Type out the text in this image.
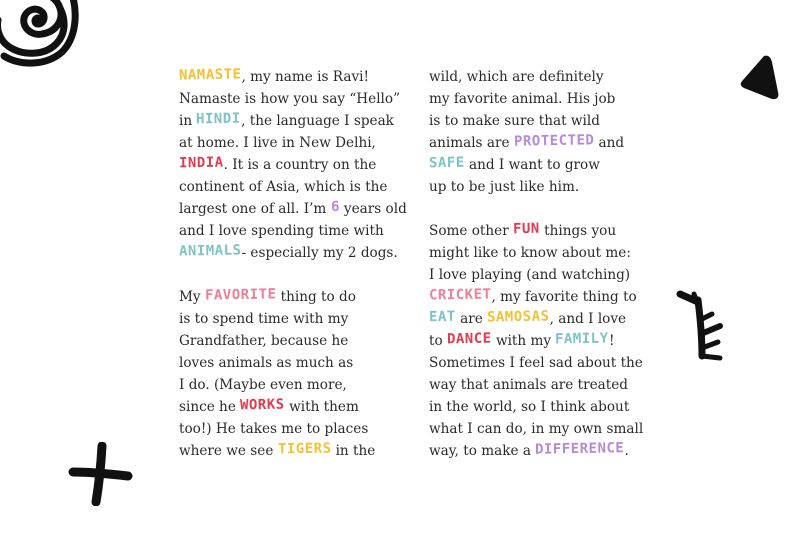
NAMASTE, my name is Ravi!
Namaste is how you say “Hello”
in HINDI, the language I speak
at home. I live in New Delhi,
INDIA. It is a country on the
continent of Asia, which is the
largest one of all. I’m 6 years old
and I love spending time with
ANIMALS- especially my 2 dogs.
My FAVORITE thing to do
is to spend time with my
Grandfather, because he
loves animals as much as
I do. (Maybe even more,
since he WORKS with them
too!) He takes me to places
where we see TIGERS in the
wild, which are definitely
my favorite animal. His job
is to make sure that wild
animals are PROTECTED and
SAFE and I want to grow
up to be just like him.
Some other FUN things you
might like to know about me:
I love playing (and watching)
CRICKET, my favorite thing to
EAT are SAMOSAS, and I love
to DANCE with my FAMILY!
Sometimes I feel sad about the
way that animals are treated
in the world, so I think about
what I can do, in my own small
way, to make a DIFFERENCE.
